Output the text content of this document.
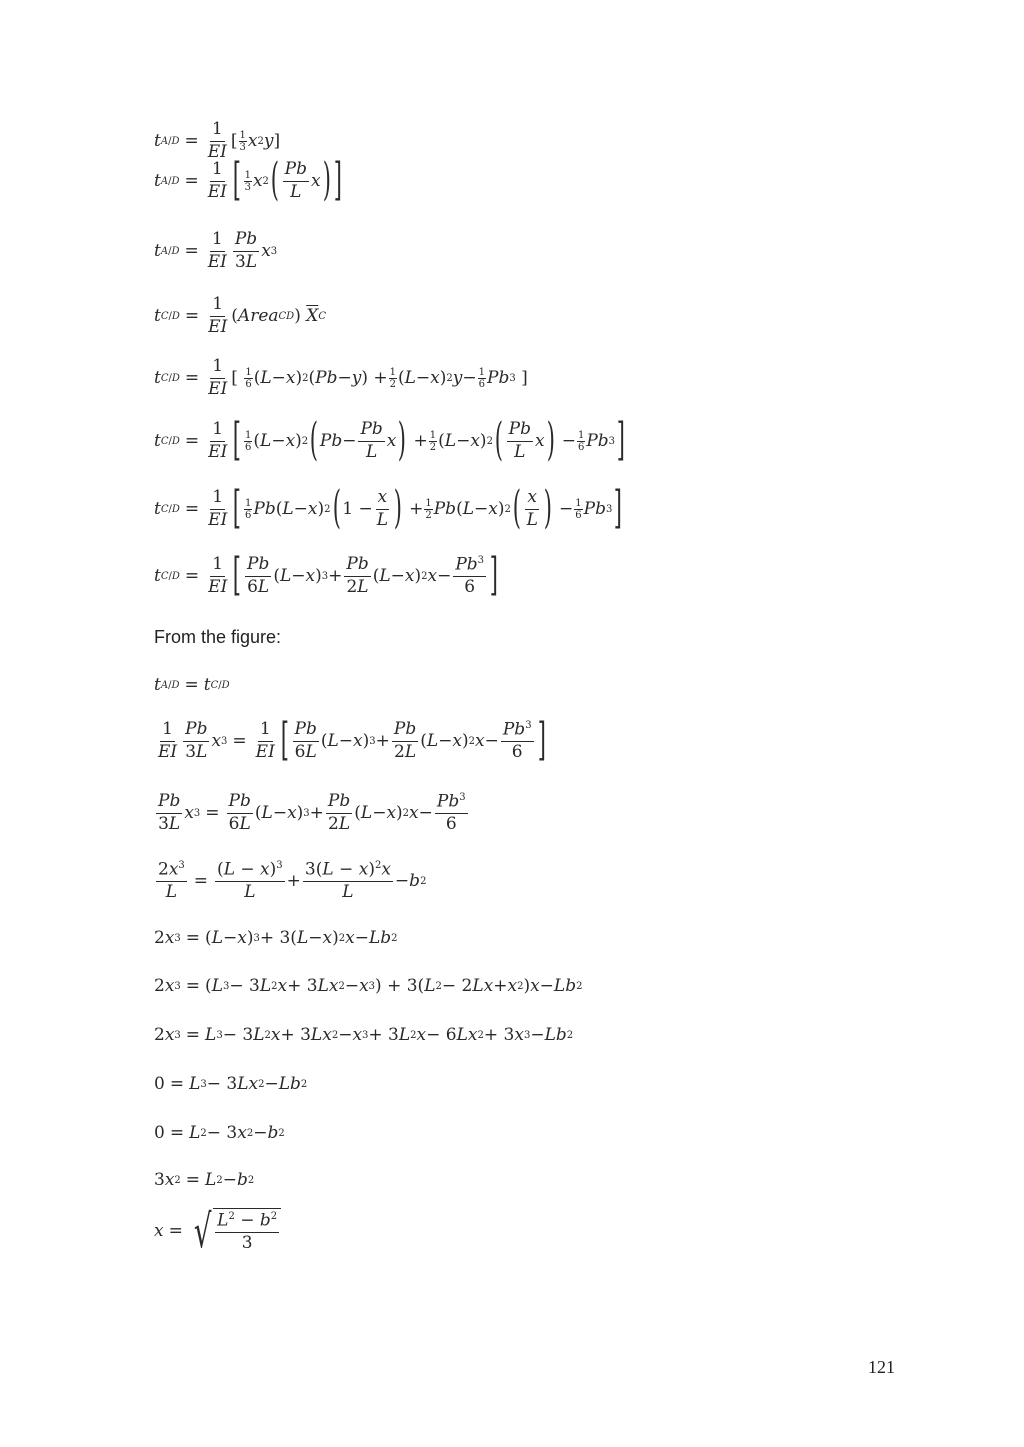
t $A/D = \frac{1}{EI}$ [ 1
3 x 2 y ]
t $A/D = \frac{1}{EI}$ [ 1
3 x 2 ( $\frac{Pb}{L}$ x ) ]
t $A/D = \frac{1}{EI} \frac{Pb}{3L}$ x 3
t $C/D = \frac{1}{EI}$ ( Area CD ) $\overline{X}$ C
t $C/D = \frac{1}{EI}$ [ 1
6 ( L − x ) 2 ( Pb − y ) + 1
2 ( L − x ) 2 y − 1
6 Pb 3 ]
t $C/D = \frac{1}{EI}$ [ 1
6 ( L − x ) 2 ( $Pb - \frac{Pb}{L}$ x ) + 1
2 ( L − x ) 2 ( $\frac{Pb}{L}$ x ) − 1
6 Pb 3 ]
t $C/D = \frac{1}{EI}$ [ 1
6 Pb ( L − x ) 2 ( $1 - \frac{x}{L}$ ) + 1
2 Pb ( L − x ) 2 ( $\frac{x}{L}$ ) − 1
6 Pb 3 ]
t $C/D = \frac{1}{EI}$ [ $\frac{Pb}{6L}$ ( L − x ) $3 + \frac{Pb}{2L}$ ( L − x ) 2 $x - \frac{Pb^3}{6}$ ]
From the figure:
t A/D = t C/D
$\frac{1}{EI} \frac{Pb}{3L}$ x $3 = \frac{1}{EI}$ [ $\frac{Pb}{6L}$ ( L − x ) $3 + \frac{Pb}{2L}$ ( L − x ) 2 $x - \frac{Pb^3}{6}$ ]
$\frac{Pb}{3L}$ x $3 = \frac{Pb}{6L}$ ( L − x ) $3 + \frac{Pb}{2L}$ ( L − x ) 2 $x - \frac{Pb^3}{6}$
$\frac{2x^3}{L} = \frac{(L - x)^3}{L} + \frac{3(L - x)^2x}{L} - b$ 2
2 x 3 = ( L − x ) 3 + 3( L − x ) 2 x − Lb 2
2 x 3 = ( L 3 − 3 L 2 x + 3 Lx 2 − x 3 ) + 3( L 2 − 2 Lx + x 2 ) x − Lb 2
2 x 3 = L 3 − 3 L 2 x + 3 Lx 2 − x 3 + 3 L 2 x − 6 Lx 2 + 3 x 3 − Lb 2
0 = L 3 − 3 Lx 2 − Lb 2
0 = L 2 − 3 x 2 − b 2
3 x 2 = L 2 − b 2
x = √ $\frac{L^2 - b^2}{3}$
121
